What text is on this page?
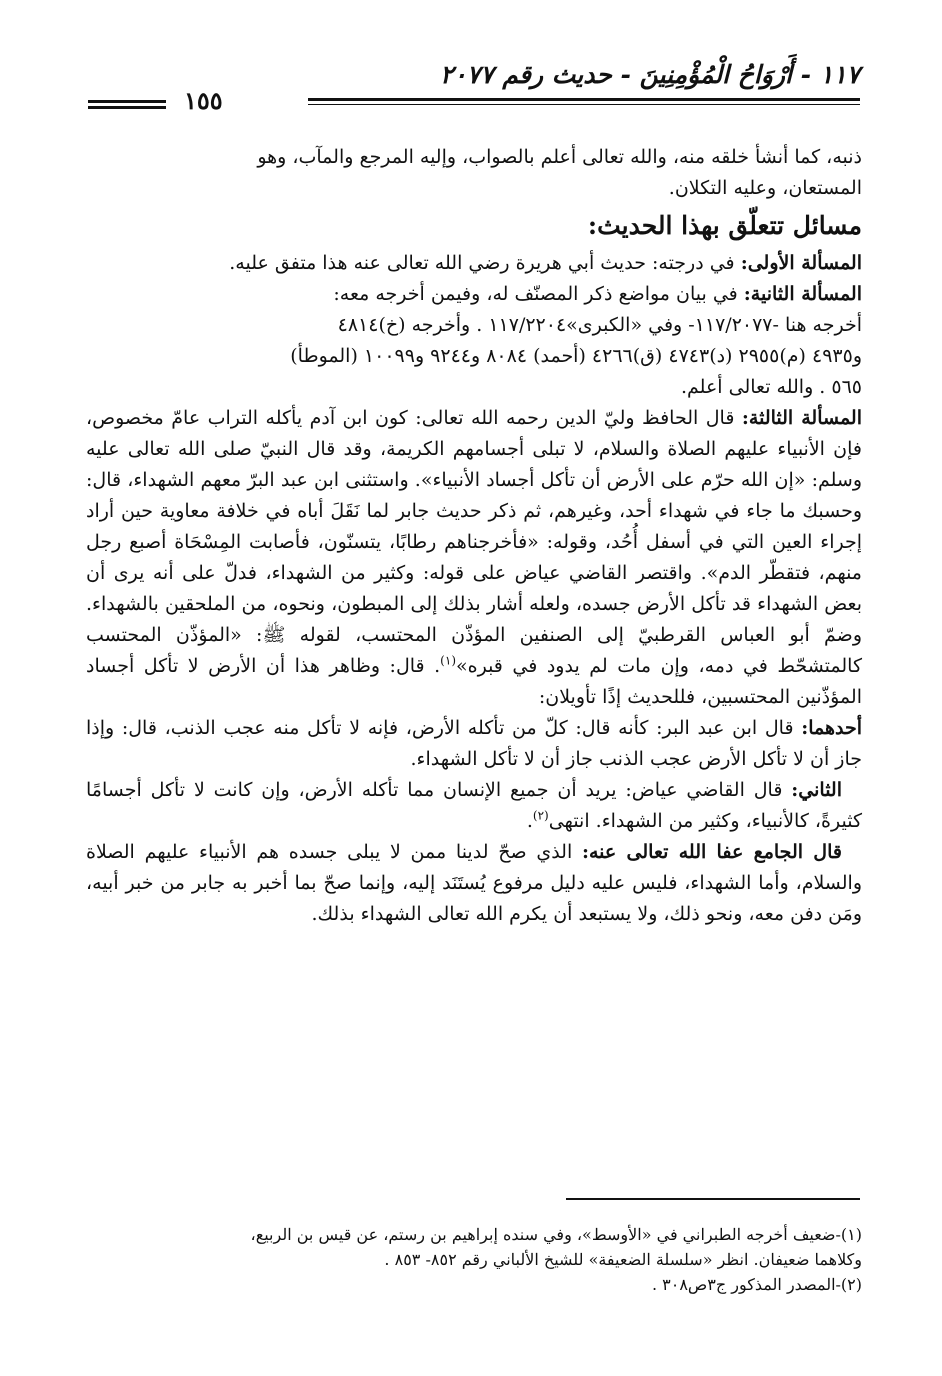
١١٧ - أَرْوَاحُ الْمُؤْمِنِينَ - حديث رقم ٢٠٧٧
١٥٥

ذنبه، كما أنشأ خلقه منه، والله تعالى أعلم بالصواب، وإليه المرجع والمآب، وهو

المستعان، وعليه التكلان.

مسائل تتعلّق بهذا الحديث:

المسألة الأولى: في درجته: حديث أبي هريرة رضي الله تعالى عنه هذا متفق عليه.

المسألة الثانية: في بيان مواضع ذكر المصنّف له، وفيمن أخرجه معه:

أخرجه هنا -١١٧/٢٠٧٧- وفي «الكبرى»١١٧/٢٢٠٤ . وأخرجه (خ)٤٨١٤

و٤٩٣٥ (م)٢٩٥٥ (د)٤٧٤٣ (ق)٤٢٦٦ (أحمد) ٨٠٨٤ و٩٢٤٤ و١٠٠٩٩ (الموطأ)

٥٦٥ . والله تعالى أعلم.

المسألة الثالثة: قال الحافظ وليّ الدين رحمه الله تعالى: كون ابن آدم يأكله التراب عامّ مخصوص، فإن الأنبياء عليهم الصلاة والسلام، لا تبلى أجسامهم الكريمة، وقد قال النبيّ صلى الله تعالى عليه وسلم: «إن الله حرّم على الأرض أن تأكل أجساد الأنبياء». واستثنى ابن عبد البرّ معهم الشهداء، قال: وحسبك ما جاء في شهداء أحد، وغيرهم، ثم ذكر حديث جابر لما نَقَلَ أباه في خلافة معاوية حين أراد إجراء العين التي في أسفل أُحُد، وقوله: «فأخرجناهم رطابًا، يتسنّون، فأصابت المِسْحَاة أصبع رجل منهم، فتقطّر الدم». واقتصر القاضي عياض على قوله: وكثير من الشهداء، فدلّ على أنه يرى أن بعض الشهداء قد تأكل الأرض جسده، ولعله أشار بذلك إلى المبطون، ونحوه، من الملحقين بالشهداء. وضمّ أبو العباس القرطبيّ إلى الصنفين المؤذّن المحتسب، لقوله ﷺ: «المؤذّن المحتسب كالمتشحّط في دمه، وإن مات لم يدود في قبره»$^{(١)}$. قال: وظاهر هذا أن الأرض لا تأكل أجساد المؤذّنين المحتسبين، فللحديث إذًا تأويلان:

أحدهما: قال ابن عبد البر: كأنه قال: كلّ من تأكله الأرض، فإنه لا تأكل منه عجب الذنب، قال: وإذا جاز أن لا تأكل الأرض عجب الذنب جاز أن لا تأكل الشهداء.

الثاني: قال القاضي عياض: يريد أن جميع الإنسان مما تأكله الأرض، وإن كانت لا تأكل أجسامًا كثيرةً، كالأنبياء، وكثير من الشهداء. انتهى$^{(٢)}$.

قال الجامع عفا الله تعالى عنه: الذي صحّ لدينا ممن لا يبلى جسده هم الأنبياء عليهم الصلاة والسلام، وأما الشهداء، فليس عليه دليل مرفوع يُستَنَد إليه، وإنما صحّ بما أخبر به جابر من خبر أبيه، ومَن دفن معه، ونحو ذلك، ولا يستبعد أن يكرم الله تعالى الشهداء بذلك.

(١)-ضعيف أخرجه الطبراني في «الأوسط»، وفي سنده إبراهيم بن رستم، عن قيس بن الربيع،

وكلاهما ضعيفان. انظر «سلسلة الضعيفة» للشيخ الألباني رقم ٨٥٢- ٨٥٣ .

(٢)-المصدر المذكور ج٣ص٣٠٨ .
